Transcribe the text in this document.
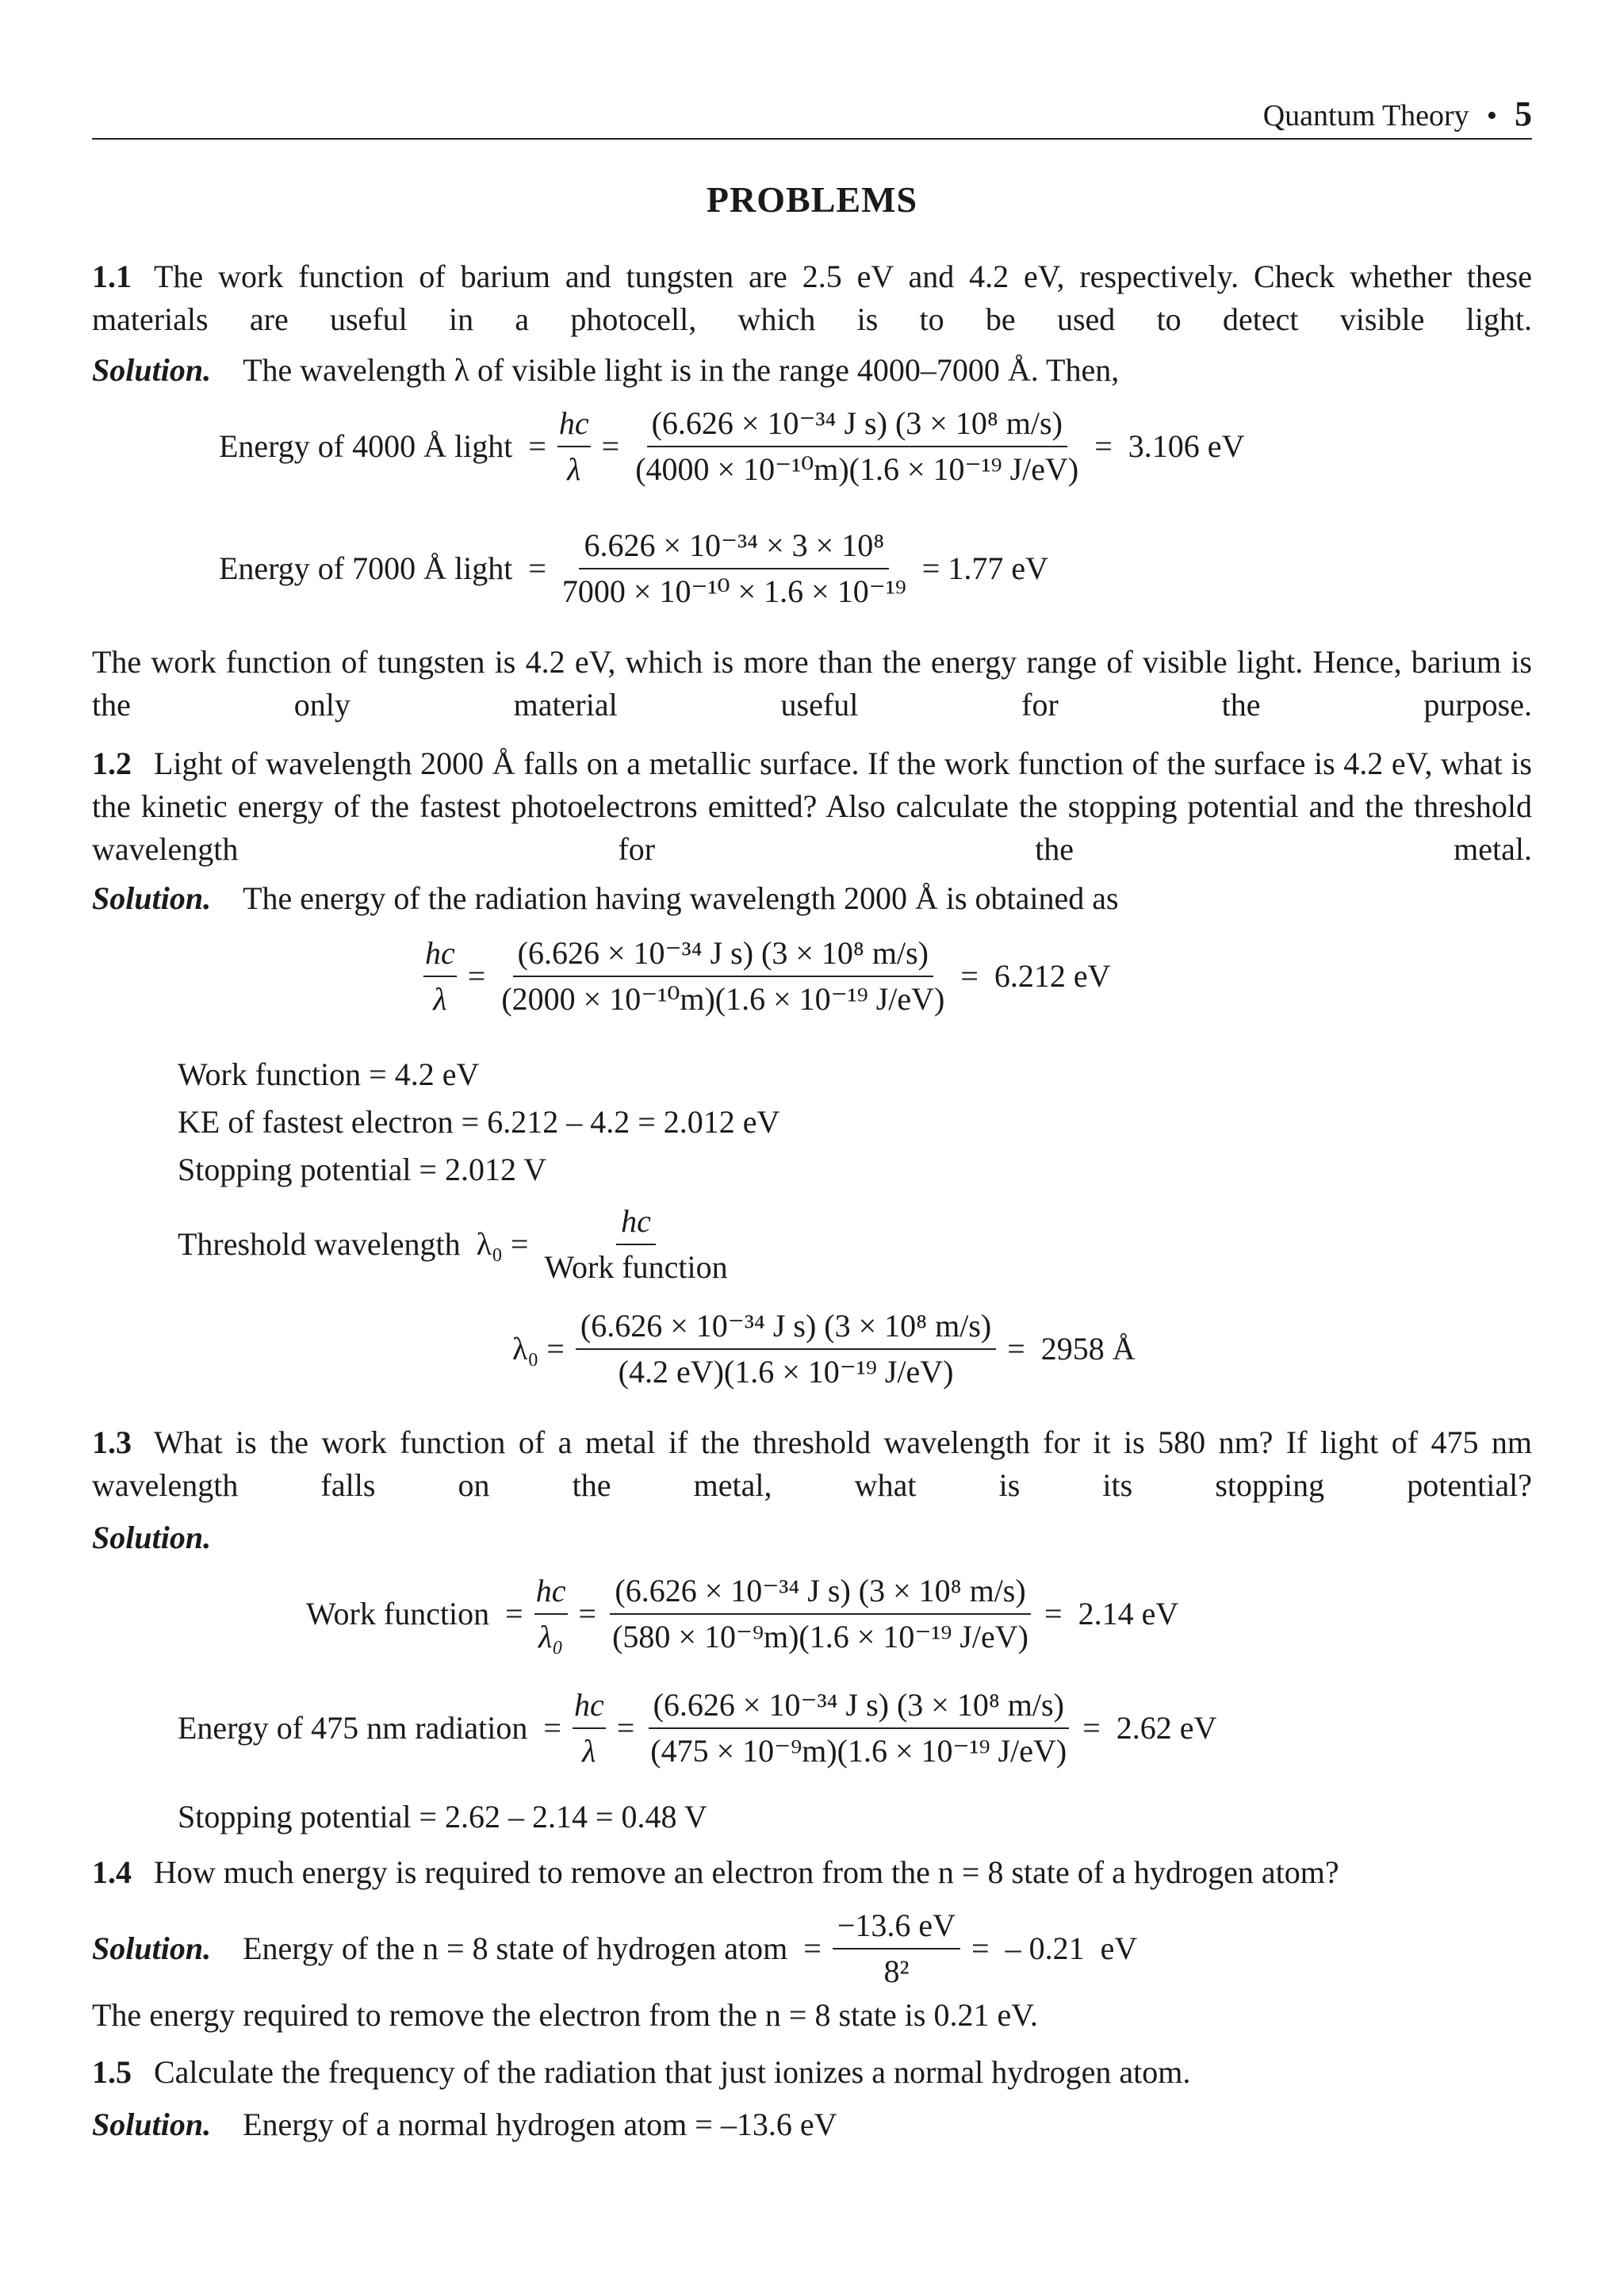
Quantum Theory • 5
PROBLEMS
1.1 The work function of barium and tungsten are 2.5 eV and 4.2 eV, respectively. Check whether these materials are useful in a photocell, which is to be used to detect visible light.
Solution. The wavelength λ of visible light is in the range 4000–7000 Å. Then,
Energy of 4000 Å light  = $\frac{hc}{\lambda} = \frac{\text{(6.626 × 10⁻³⁴ J s) (3 × 10⁸ m/s)}}{\text{(4000 × 10⁻¹⁰m)(1.6 × 10⁻¹⁹ J/eV)}} = 3.106$ eV
Energy of 7000 Å light  = $\frac{\text{6.626 × 10⁻³⁴ × 3 × 10⁸}}{\text{7000 × 10⁻¹⁰ × 1.6 × 10⁻¹⁹}} = 1.77$ eV
The work function of tungsten is 4.2 eV, which is more than the energy range of visible light. Hence, barium is the only material useful for the purpose.
1.2 Light of wavelength 2000 Å falls on a metallic surface. If the work function of the surface is 4.2 eV, what is the kinetic energy of the fastest photoelectrons emitted? Also calculate the stopping potential and the threshold wavelength for the metal.
Solution. The energy of the radiation having wavelength 2000 Å is obtained as
$\frac{hc}{\lambda} = \frac{\text{(6.626 × 10⁻³⁴ J s) (3 × 10⁸ m/s)}}{\text{(2000 × 10⁻¹⁰m)(1.6 × 10⁻¹⁹ J/eV)}} = 6.212$ eV
Work function = 4.2 eV
KE of fastest electron = 6.212 – 4.2 = 2.012 eV
Stopping potential = 2.012 V
Threshold wavelength  $\lambda_0 = \frac{hc}{\text{Work function}}$
$\lambda_0 = \frac{\text{(6.626 × 10⁻³⁴ J s) (3 × 10⁸ m/s)}}{\text{(4.2 eV)(1.6 × 10⁻¹⁹ J/eV)}} = 2958$ Å
1.3 What is the work function of a metal if the threshold wavelength for it is 580 nm? If light of 475 nm wavelength falls on the metal, what is its stopping potential?
Solution.
Work function  = $\frac{hc}{\text{λ₀}} = \frac{\text{(6.626 × 10⁻³⁴ J s) (3 × 10⁸ m/s)}}{\text{(580 × 10⁻⁹m)(1.6 × 10⁻¹⁹ J/eV)}} = 2.14$ eV
Energy of 475 nm radiation  = $\frac{hc}{\lambda} = \frac{\text{(6.626 × 10⁻³⁴ J s) (3 × 10⁸ m/s)}}{\text{(475 × 10⁻⁹m)(1.6 × 10⁻¹⁹ J/eV)}} = 2.62$ eV
Stopping potential = 2.62 – 2.14 = 0.48 V
1.4 How much energy is required to remove an electron from the n = 8 state of a hydrogen atom?
Solution. Energy of the n = 8 state of hydrogen atom  = $\frac{-13.6 eV}{\text{8²}}$ =  – 0.21  eV
The energy required to remove the electron from the n = 8 state is 0.21 eV.
1.5 Calculate the frequency of the radiation that just ionizes a normal hydrogen atom.
Solution. Energy of a normal hydrogen atom = –13.6 eV
